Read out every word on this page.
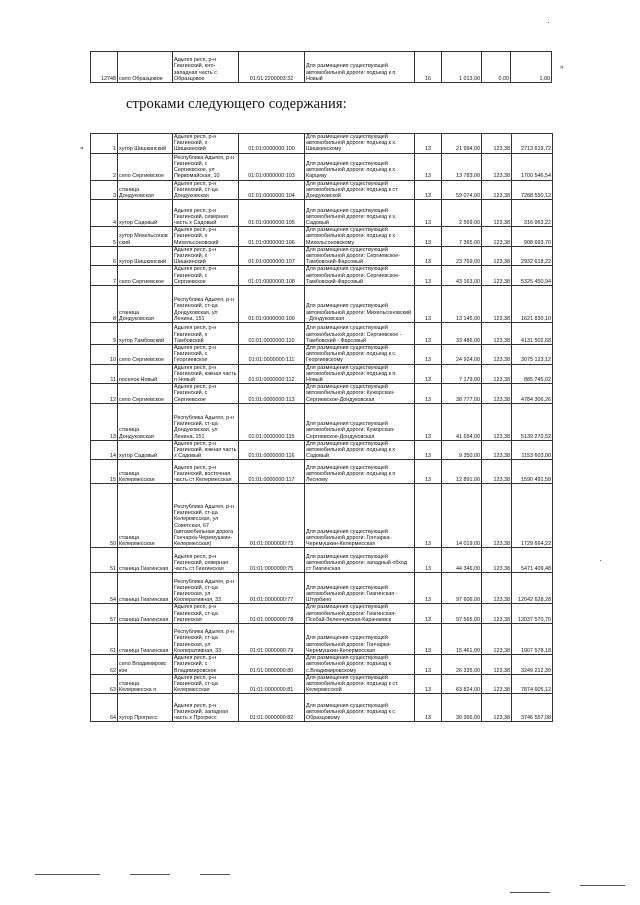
»
«
12748	село Образцовое	Адыгея респ, р-н Гиагинский, юго-западная часть с Образцовое	01:01:2200003:32	Для размещения существующей автомобильной дороги: подъезд к п. Новый	16	1 013,00	0,00	1,00
строками следующего содержания:
1	хутор Шишкинский	Адыгея респ, р-н Гиагинский, х Шишкинский	01:01:0000000:100	Для размещения существующей автомобильной дороги: подъезд к х. Шишкинскому	13	21 994,00	123,38	2713 619,72
2	село Сергиевское	Республика Адыгея, р-н Гиагинский, с Сергиевское, ул Первомайская, 10	01:01:0000000:103	Для размещения существующей автомобильной дороги: подъезд к х. Карцеву	13	13 783,00	123,38	1700 546,54
3	станица Дондуковская	Адыгея респ, р-н Гиагинский, ст-ца Дондуковская	01:01:0000000:104	Для размещения существующей автомобильной дороги: подъезд к ст Дондуковской	13	59 074,00	123,38	7288 550,12
4	хутор Садовый	Адыгея респ, р-н Гиагинский, северная часть х Садовый	01:01:0000000:105	Для размещения существующей автомобильной дороги: подъезд к х. Садовый	13	2 569,00	123,38	316 963,22
5	хутор Михельсонов ский	Адыгея респ, р-н Гиагинский, х Михельсоновский	01:01:0000000:106	Для размещения существующей автомобильной дороги: подъезд к х Михельсоновскому	13	7 365,00	123,38	908 693,70
6	хутор Шишкинский	Адыгея респ, р-н Гиагинский, х Шишкинский	01:01:0000000:107	Для размещения существующей автомобильной дороги: Сергиевское-Тамбовский-Фарсовый	13	23 769,00	123,38	2932 618,22
7	село Сергиевское	Адыгея респ, р-н Гиагинский, с Сергиевское	01:01:0000000:108	Для размещения существующей автомобильной дороги: Сергиевское-Тамбовский-Фарсовый	13	43 163,00	123,38	5325 450,94
8	станица Дондуковская	Республика Адыгея, р-н Гиагинский, ст-ца Дондуковская, ул Ленина, 151	01:01:0000000:109	Для размещения существующей автомобильной дороги: Михельсоновский - Дондуковская	13	13 145,00	123,38	1621 830,10
9	хутор Тамбовский	Адыгея респ, р-н Гиагинский, х Тамбовский	01:01:0000000:110	Для размещения существующей автомобильной дороги: Сергиевское - Тамбовский - Фарсовый	13	33 486,00	123,38	4131 502,68
10	село Сергиевское	Адыгея респ, р-н Гиагинский, с Георгиевское	01:01:0000000:111	Для размещения существующей автомобильной дороги: подъезд к с. Георгиевскому	13	24 924,00	123,38	3075 123,12
11	поселок Новый	Адыгея респ, р-н Гиагинский, южная часть п Новый	01:01:0000000:112	Для размещения существующей автомобильной дороги: подъезд к п. Новый	13	7 179,00	123,38	885 745,02
12	село Сергиевское	Адыгея респ, р-н Гиагинский, с Сергиевское	01:01:0000000:113	Для размещения существующей автомобильной дороги: Кужорская-Сергиевское-Дондуковская	13	38 777,00	123,38	4784 306,26
13	станица Дондуковская	Республика Адыгея, р-н Гиагинский, ст-ца Дондуковская, ул Ленина, 151	01:01:0000000:115	Для размещения существующей автомобильной дороги: Кужорская-Сергиевское-Дондуковская	13	41 654,00	123,38	5139 270,52
14	хутор Садовый	Адыгея респ, р-н Гиагинский, южная часть х Садовый	01:01:0000000:116	Для размещения существующей автомобильной дороги: подъезд к х Садовый	13	9 350,00	123,38	1153 603,00
15	станица Келермесская	Адыгея респ, р-н Гиагинский, восточная часть ст Келермесская	01:01:0000000:117	Для размещения существующей автомобильной дороги: подъезд к п Лесному	13	12 891,00	123,38	1590 491,58
50	станица Келермесская	Республика Адыгея, р-н Гиагинский, ст-ца Келермесская, ул Советская, 67 (автомобильная дорога Гончарка-Черемушкин-Келермесская)	01:01:0000000:73	Для размещения существующей автомобильной дороги: Гончарка-Черемушкин-Келермесская	13	14 019,00	123,38	1729 664,22
51	станица Гиагинская	Адыгея респ, р-н Гиагинский, северная часть ст Гиагинская	01:01:0000000:75	Для размещения существующей автомобильной дороги: западный обход ст Гиагинская	13	44 346,00	123,38	5471 409,48
54	станица Гиагинская	Республика Адыгея, р-н Гиагинский, ст-ца Гиагинская, ул Кооперативная, 33	01:01:0000000:77	Для размещения существующей автомобильной дороги: Гиагинская - Штурбино	13	97 606,00	123,38	12042 628,28
57	станица Гиагинская	Адыгея респ, р-н Гиагинский, ст-ца Гиагинская	01:01:0000000:78	Для размещения существующей автомобильной дороги: Гиагинская-Псебай-Зеленчукская-Карачаевск	13	97 565,00	123,38	12037 570,70
61	станица Гиагинская	Республика Адыгея, р-н Гиагинский, ст-ца Гиагинская, ул Кооперативная, 33	01:01:0000000:79	Для размещения существующей автомобильной дороги: Гончарка-Черемушкин-Келермесская	13	15 461,00	123,38	1907 578,18
62	село Владимировс кое	Адыгея респ, р-н Гиагинский, с Владимировское	01:01:0000000:80	Для размещения существующей автомобильной дороги: подъезд к с.Владимировскому	13	26 335,00	123,38	3249 212,30
63	станица Келермесска я	Адыгея респ, р-н Гиагинский, ст-ца Келермесская	01:01:0000000:81	Для размещения существующей автомобильной дороги: подъезд к ст. Келермесской	13	63 824,00	123,38	7874 605,12
64	хутор Прогресс	Адыгея респ, р-н Гиагинский, западная часть х Прогресс	01:01:0000000:82	Для размещения существующей автомобильной дороги: подъезд к с Образцовому	13	30 366,00	123,38	3746 557,08
